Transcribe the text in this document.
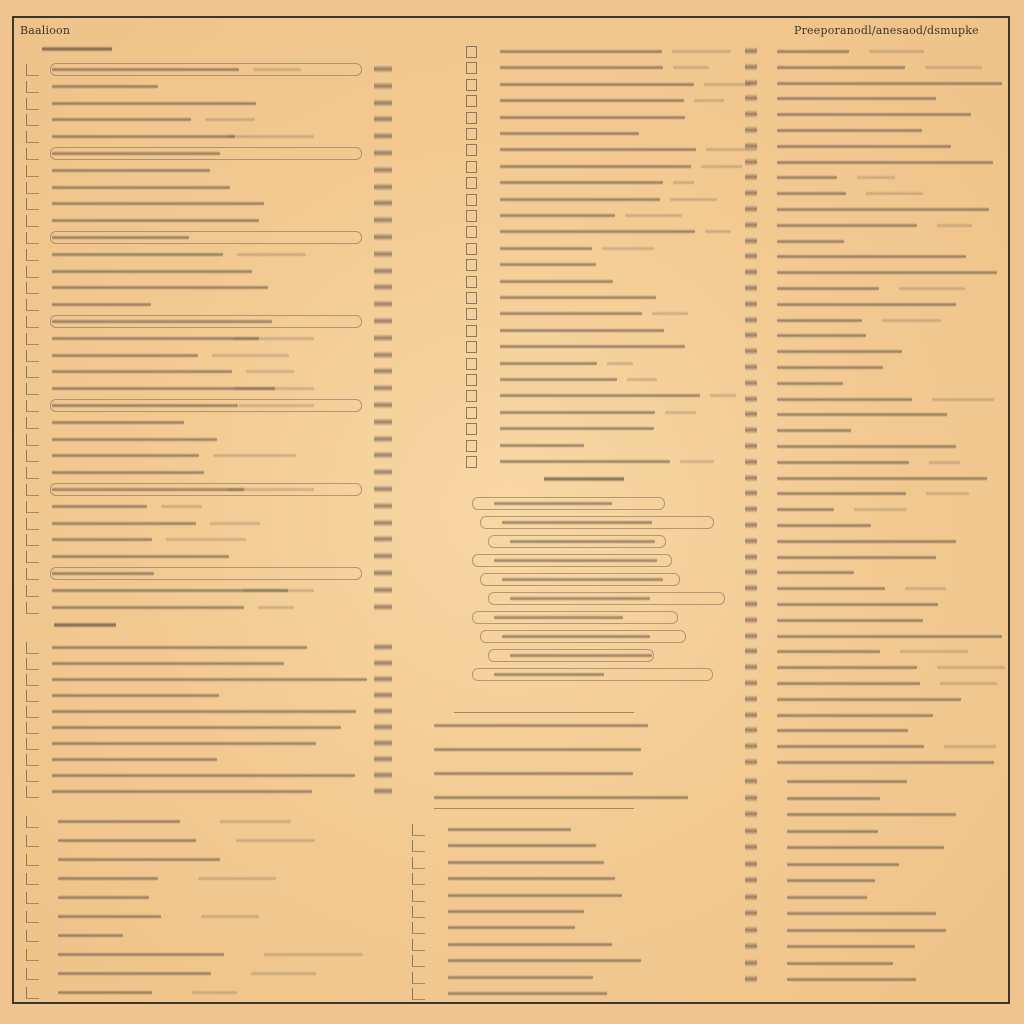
Baalioon	Preeporanodl/anesaod/dsmupke
